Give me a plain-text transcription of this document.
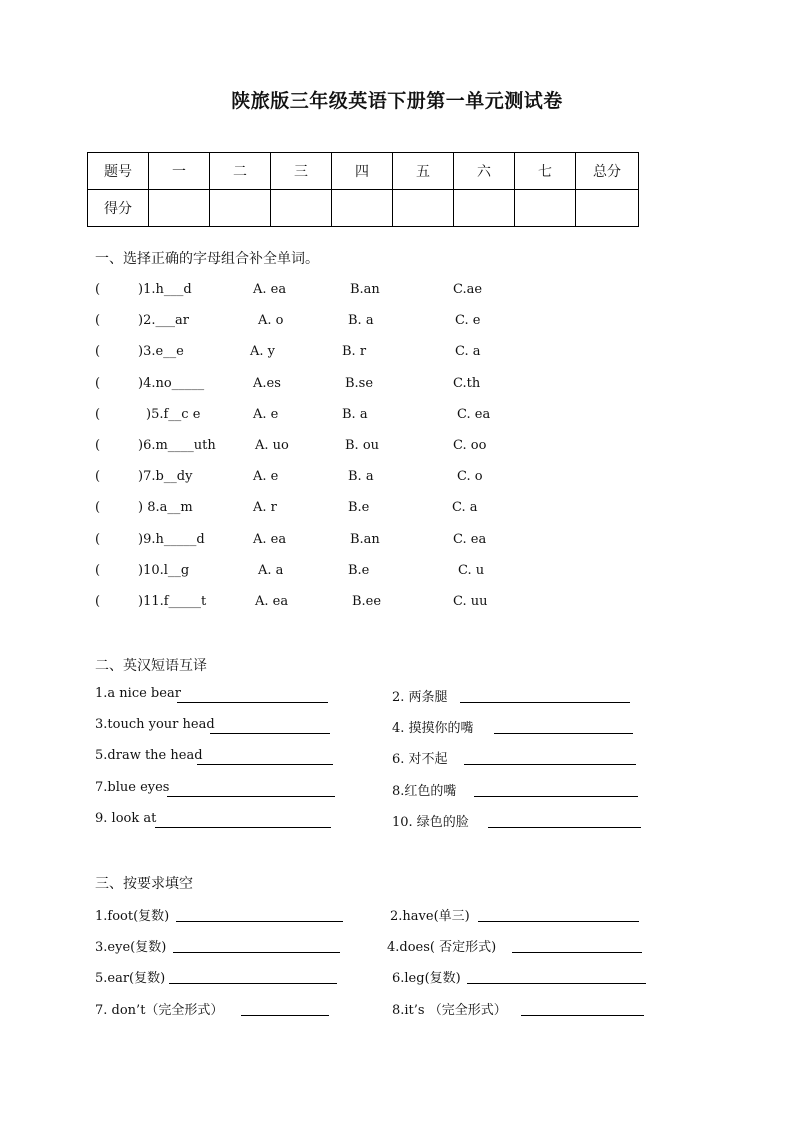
陕旅版三年级英语下册第一单元测试卷
题号	一	二	三	四	五	六	七	总分
得分								
一、选择正确的字母组合补全单词。
(	)1.h___d	A. ea	B.an	C.ae
(	)2.___ar	A. o	B. a	C. e
(	)3.e__e	A. y	B. r	C. a
(	)4.no_____	A.es	B.se	C.th
(	)5.f__c e	A. e	B. a	C. ea
(	)6.m____uth	A. uo	B. ou	C. oo
(	)7.b__dy	A. e	B. a	C. o
(	) 8.a__m	A. r	B.e	C. a
(	)9.h_____d	A. ea	B.an	C. ea
(	)10.l__g	A. a	B.e	C. u
(	)11.f_____t	A. ea	B.ee	C. uu
二、英汉短语互译
1.a nice bear	2. 两条腿
3.touch your head	4. 摸摸你的嘴
5.draw the head	6. 对不起
7.blue eyes	8.红色的嘴
9. look at	10. 绿色的脸
三、按要求填空
1.foot(复数)	2.have(单三)
3.eye(复数)	4.does( 否定形式)
5.ear(复数)	6.leg(复数)
7. don’t（完全形式）	8.it’s （完全形式）
